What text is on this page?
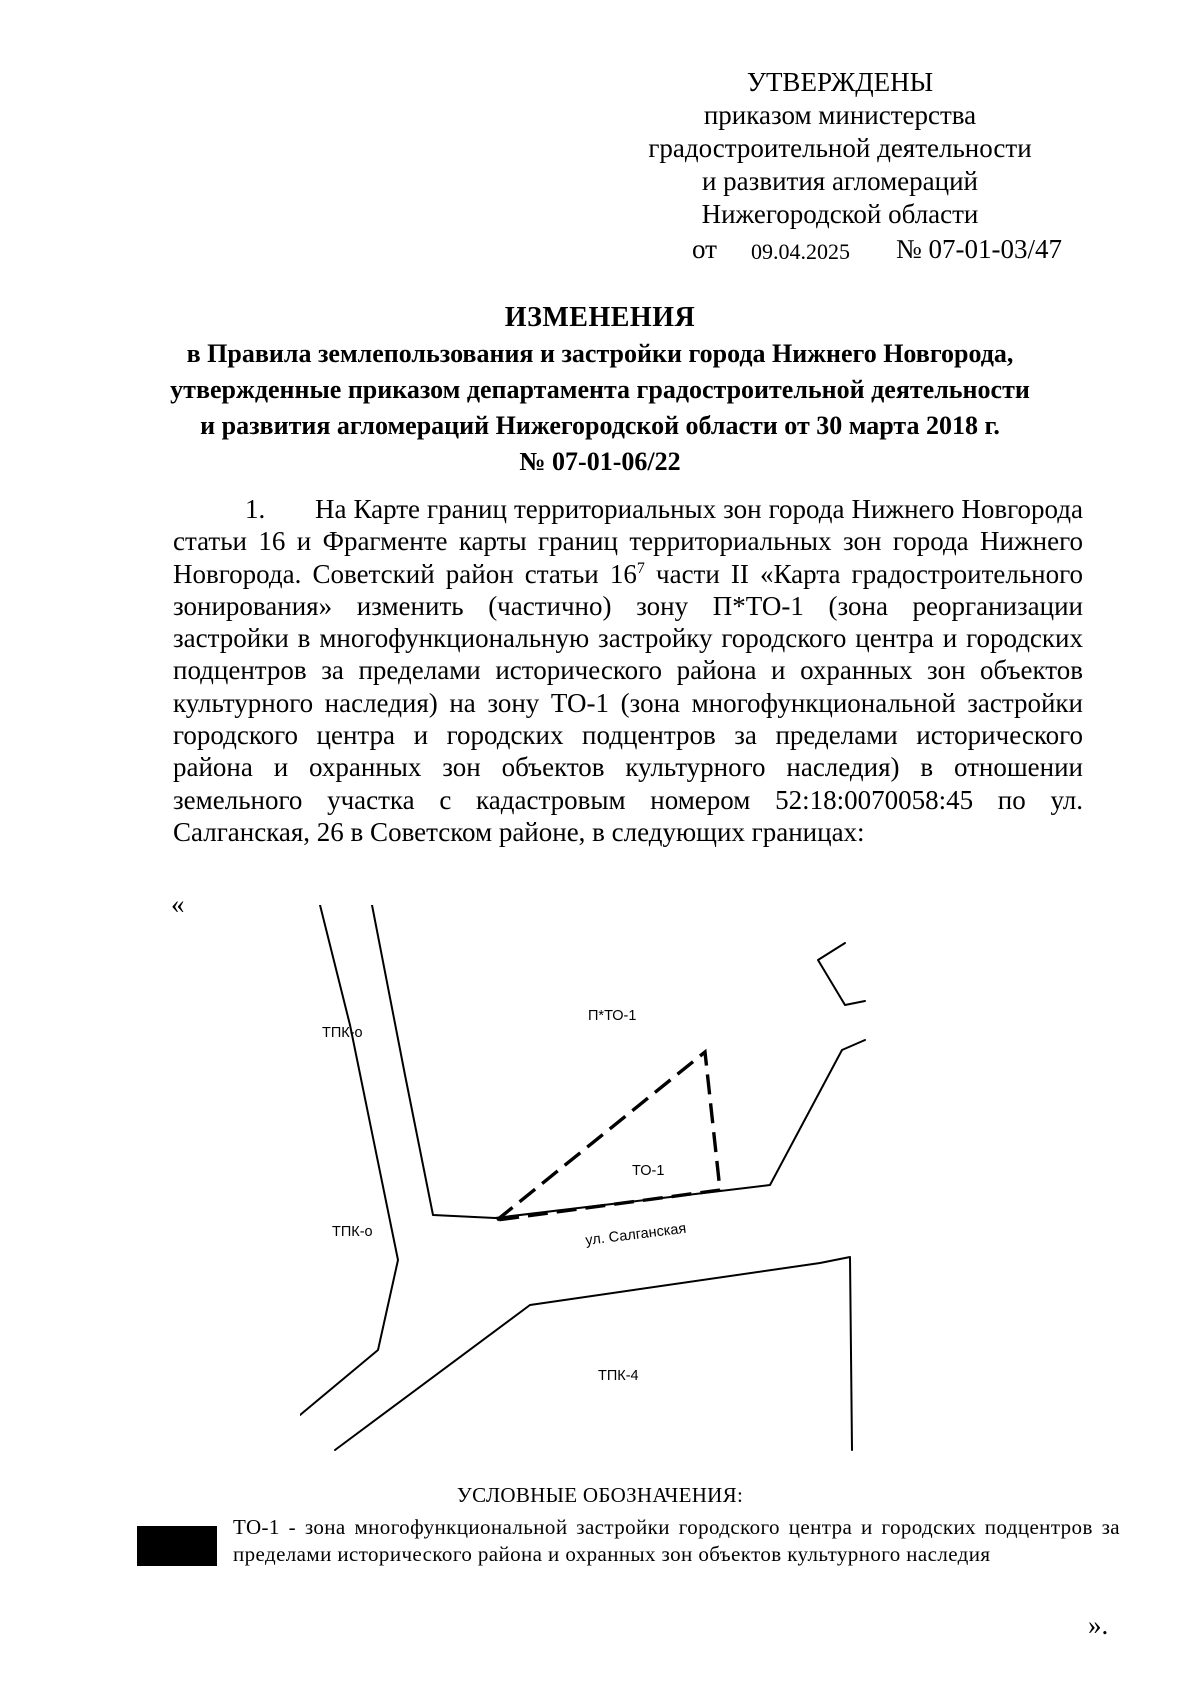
УТВЕРЖДЕНЫ
приказом министерства
градостроительной деятельности
и развития агломераций
Нижегородской области
от 09.04.2025 № 07-01-03/47
ИЗМЕНЕНИЯ
в Правила землепользования и застройки города Нижнего Новгорода,
утвержденные приказом департамента градостроительной деятельности
и развития агломераций Нижегородской области от 30 марта 2018 г.
№ 07-01-06/22
1. На Карте границ территориальных зон города Нижнего Новгорода статьи 16 и Фрагменте карты границ территориальных зон города Нижнего Новгорода. Советский район статьи $16^7$ части II «Карта градостроительного зонирования» изменить (частично) зону П*ТО-1 (зона реорганизации застройки в многофункциональную застройку городского центра и городских подцентров за пределами исторического района и охранных зон объектов культурного наследия) на зону ТО-1 (зона многофункциональной застройки городского центра и городских подцентров за пределами исторического района и охранных зон объектов культурного наследия) в отношении земельного участка с кадастровым номером 52:18:0070058:45 по ул. Салганская, 26 в Советском районе, в следующих границах:
«
ТПК-о
П*ТО-1
ТО-1
ТПК-о	ул. Салганская
ТПК-4
УСЛОВНЫЕ ОБОЗНАЧЕНИЯ:
ТО-1 - зона многофункциональной застройки городского центра и городских подцентров за пределами исторического района и охранных зон объектов культурного наследия
».
